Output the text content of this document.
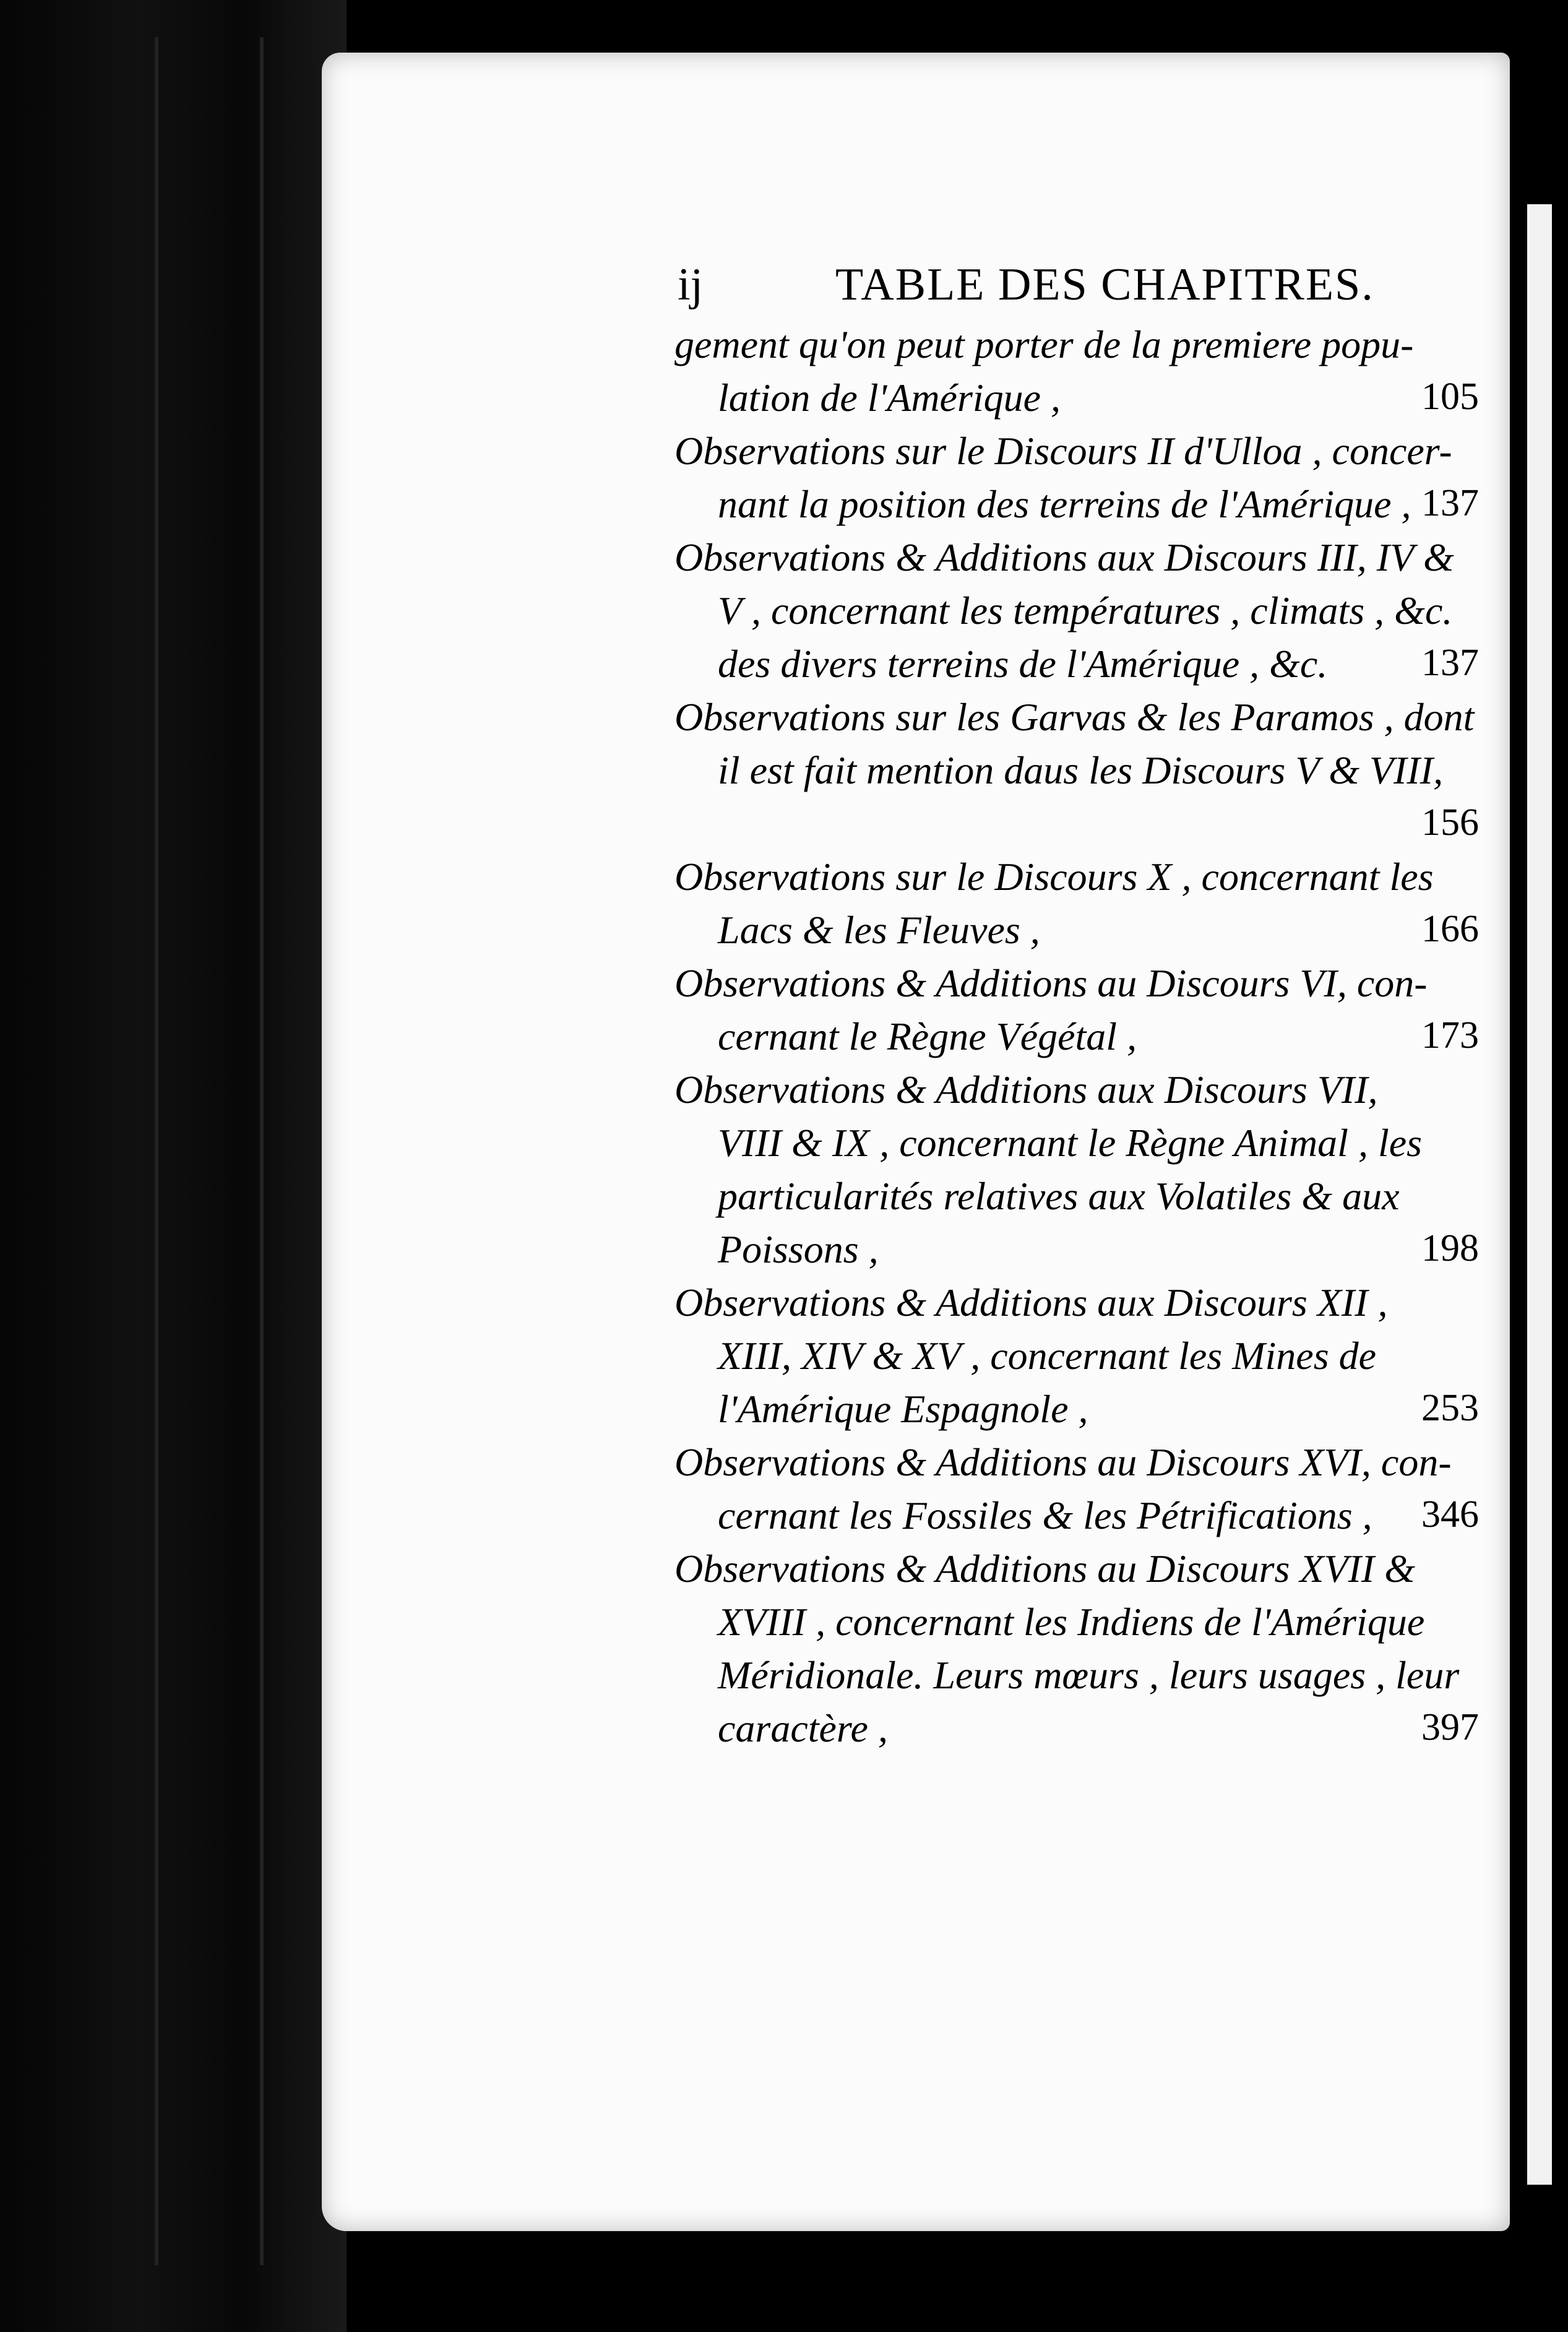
ij	TABLE DES CHAPITRES.
gement qu'on peut porter de la premiere popu-
lation de l'Amérique ,	105
Observations sur le Discours II d'Ulloa , concer-
nant la position des terreins de l'Amérique , 137
Observations & Additions aux Discours III, IV &
V , concernant les températures , climats , &c.
des divers terreins de l'Amérique , &c. 137
Observations sur les Garvas & les Paramos , dont
il est fait mention daus les Discours V & VIII,
156
Observations sur le Discours X , concernant les
Lacs & les Fleuves ,	166
Observations & Additions au Discours VI, con-
cernant le Règne Végétal ,	173
Observations & Additions aux Discours VII,
VIII & IX , concernant le Règne Animal , les
particularités relatives aux Volatiles & aux
Poissons ,	198
Observations & Additions aux Discours XII ,
XIII, XIV & XV , concernant les Mines de
l'Amérique Espagnole ,	253
Observations & Additions au Discours XVI, con-
cernant les Fossiles & les Pétrifications , 346
Observations & Additions au Discours XVII &
XVIII , concernant les Indiens de l'Amérique
Méridionale. Leurs mœurs , leurs usages , leur
caractère ,	397
